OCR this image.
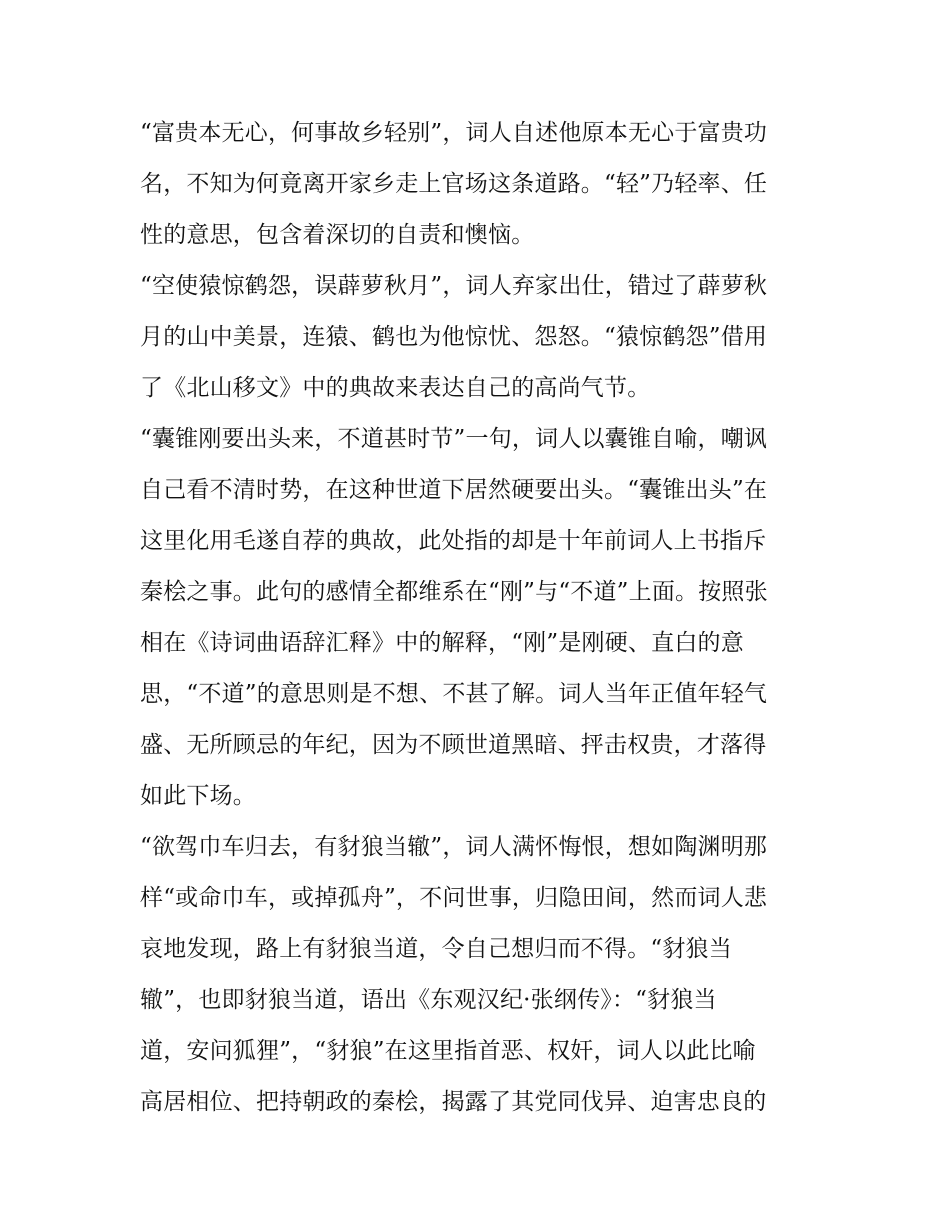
“富贵本无心，何事故乡轻别”，词人自述他原本无心于富贵功
名，不知为何竟离开家乡走上官场这条道路。“轻”乃轻率、任
性的意思，包含着深切的自责和懊恼。
“空使猿惊鹤怨，误薜萝秋月”，词人弃家出仕，错过了薜萝秋
月的山中美景，连猿、鹤也为他惊忧、怨怒。“猿惊鹤怨”借用
了《北山移文》中的典故来表达自己的高尚气节。
“囊锥刚要出头来，不道甚时节”一句，词人以囊锥自喻，嘲讽
自己看不清时势，在这种世道下居然硬要出头。“囊锥出头”在
这里化用毛遂自荐的典故，此处指的却是十年前词人上书指斥
秦桧之事。此句的感情全都维系在“刚”与“不道”上面。按照张
相在《诗词曲语辞汇释》中的解释，“刚”是刚硬、直白的意
思，“不道”的意思则是不想、不甚了解。词人当年正值年轻气
盛、无所顾忌的年纪，因为不顾世道黑暗、抨击权贵，才落得
如此下场。
“欲驾巾车归去，有豺狼当辙”，词人满怀悔恨，想如陶渊明那
样“或命巾车，或掉孤舟”，不问世事，归隐田间，然而词人悲
哀地发现，路上有豺狼当道，令自己想归而不得。“豺狼当
辙”，也即豺狼当道，语出《东观汉纪·张纲传》：“豺狼当
道，安问狐狸”，“豺狼”在这里指首恶、权奸，词人以此比喻
高居相位、把持朝政的秦桧，揭露了其党同伐异、迫害忠良的
